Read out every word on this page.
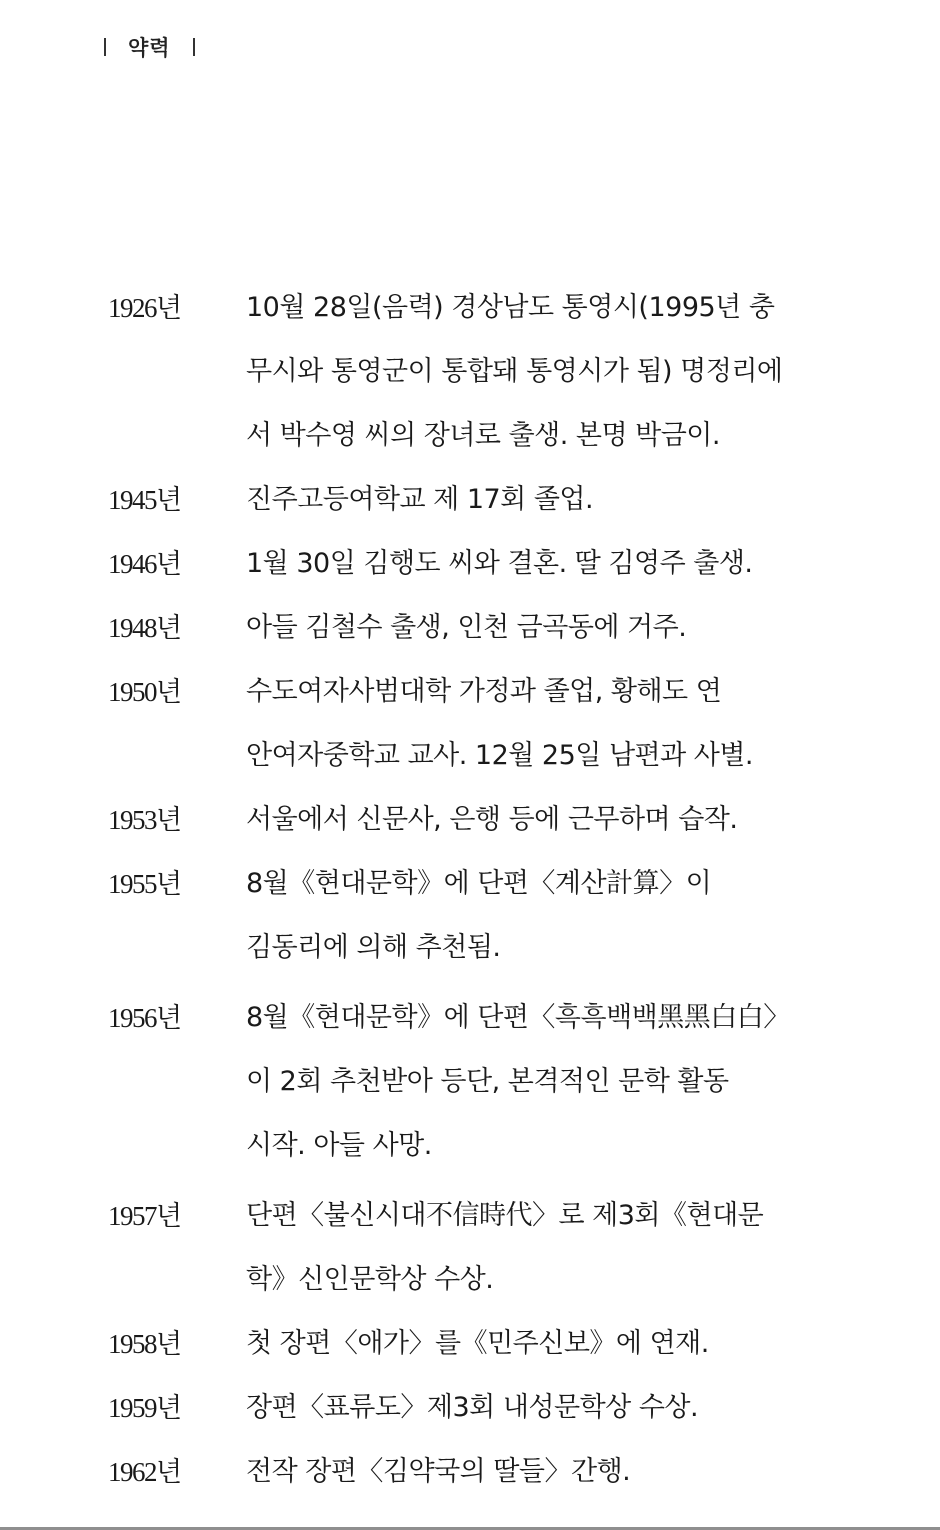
약력
1926년	10월 28일(음력) 경상남도 통영시(1995년 충
무시와 통영군이 통합돼 통영시가 됨) 명정리에
서 박수영 씨의 장녀로 출생. 본명 박금이.
1945년	진주고등여학교 제 17회 졸업.
1946년	1월 30일 김행도 씨와 결혼. 딸 김영주 출생.
1948년	아들 김철수 출생, 인천 금곡동에 거주.
1950년	수도여자사범대학 가정과 졸업, 황해도 연
안여자중학교 교사. 12월 25일 남편과 사별.
1953년	서울에서 신문사, 은행 등에 근무하며 습작.
1955년	8월《현대문학》에 단편〈계산計算〉이
김동리에 의해 추천됨.
1956년	8월《현대문학》에 단편〈흑흑백백黑黑白白〉
이 2회 추천받아 등단, 본격적인 문학 활동
시작. 아들 사망.
1957년	단편〈불신시대不信時代〉로 제3회《현대문
학》신인문학상 수상.
1958년	첫 장편〈애가〉를《민주신보》에 연재.
1959년	장편〈표류도〉제3회 내성문학상 수상.
1962년	전작 장편〈김약국의 딸들〉간행.
